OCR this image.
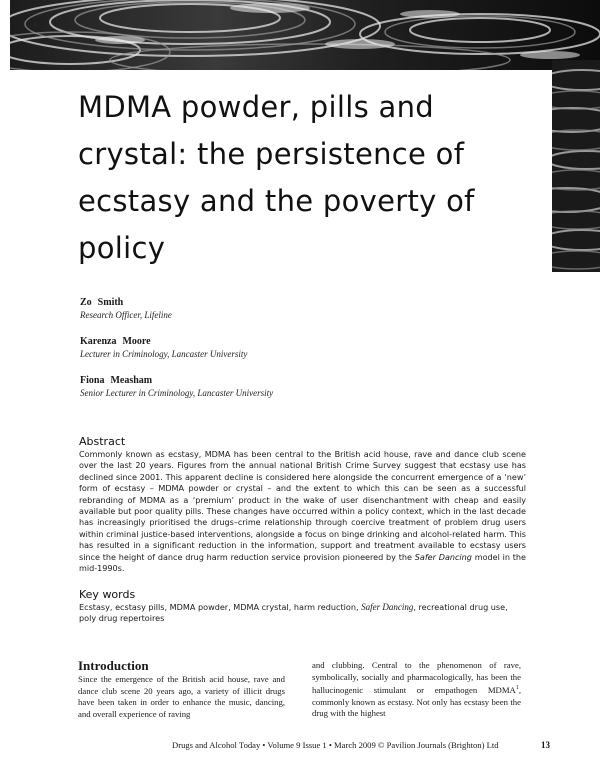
MDMA powder, pills and crystal: the persistence of ecstasy and the poverty of policy
Zo Smith
Research Officer, Lifeline
Karenza Moore
Lecturer in Criminology, Lancaster University
Fiona Measham
Senior Lecturer in Criminology, Lancaster University
Abstract

Commonly known as ecstasy, MDMA has been central to the British acid house, rave and dance club scene over the last 20 years. Figures from the annual national British Crime Survey suggest that ecstasy use has declined since 2001. This apparent decline is considered here alongside the concurrent emergence of a ‘new’ form of ecstasy – MDMA powder or crystal – and the extent to which this can be seen as a successful rebranding of MDMA as a ‘premium’ product in the wake of user disenchantment with cheap and easily available but poor quality pills. These changes have occurred within a policy context, which in the last decade has increasingly prioritised the drugs–crime relationship through coercive treatment of problem drug users within criminal justice-based interventions, alongside a focus on binge drinking and alcohol-related harm. This has resulted in a significant reduction in the information, support and treatment available to ecstasy users since the height of dance drug harm reduction service provision pioneered by the Safer Dancing model in the mid-1990s.

Key words

Ecstasy, ecstasy pills, MDMA powder, MDMA crystal, harm reduction, Safer Dancing, recreational drug use, poly drug repertoires

Introduction
Since the emergence of the British acid house, rave and dance club scene 20 years ago, a variety of illicit drugs have been taken in order to enhance the music, dancing, and overall experience of raving
and clubbing. Central to the phenomenon of rave, symbolically, socially and pharmacologically, has been the hallucinogenic stimulant or empathogen MDMA$^1$, commonly known as ecstasy. Not only has ecstasy been the drug with the highest
Drugs and Alcohol Today • Volume 9 Issue 1 • March 2009 © Pavilion Journals (Brighton) Ltd	13
